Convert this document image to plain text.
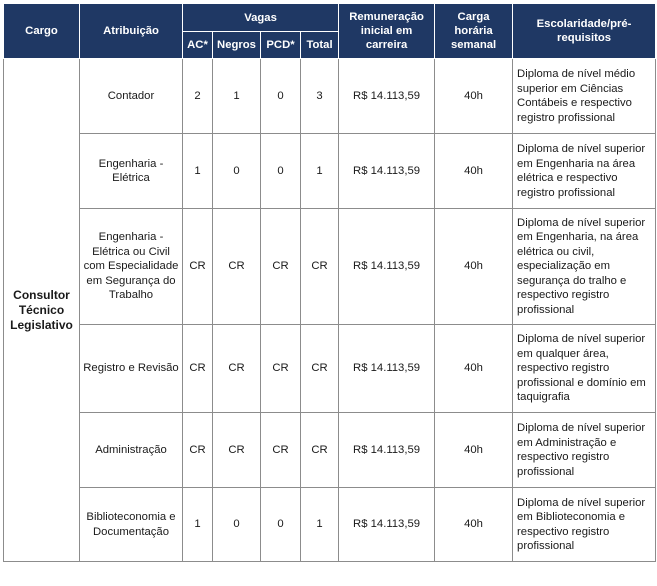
Cargo	Atribuição	Vagas				Remuneração inicial em carreira	Carga horária semanal	Escolaridade/pré-requisitos
		AC*	Negros	PCD*	Total			
Consultor Técnico Legislativo	Contador	2	1	0	3	R$ 14.113,59	40h	Diploma de nível médio superior em Ciências Contábeis e respectivo registro profissional
	Engenharia - Elétrica	1	0	0	1	R$ 14.113,59	40h	Diploma de nível superior em Engenharia na área elétrica e respectivo registro profissional
	Engenharia - Elétrica ou Civil com Especialidade em Segurança do Trabalho	CR	CR	CR	CR	R$ 14.113,59	40h	Diploma de nível superior em Engenharia, na área elétrica ou civil, especialização em segurança do tralho e respectivo registro profissional
	Registro e Revisão	CR	CR	CR	CR	R$ 14.113,59	40h	Diploma de nível superior em qualquer área, respectivo registro profissional e domínio em taquigrafia
	Administração	CR	CR	CR	CR	R$ 14.113,59	40h	Diploma de nível superior em Administração e respectivo registro profissional
	Biblioteconomia e Documentação	1	0	0	1	R$ 14.113,59	40h	Diploma de nível superior em Biblioteconomia e respectivo registro profissional
